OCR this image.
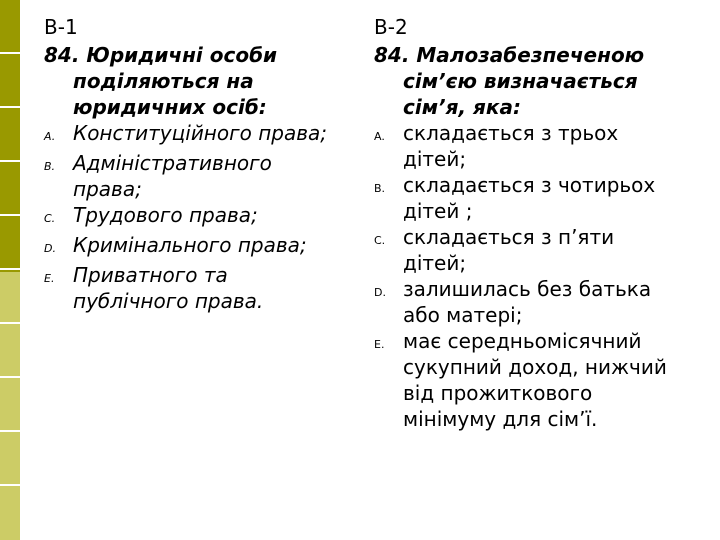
В-1
84. Юридичні особи
поділяються на
юридичних осіб:
A. Конституційного права;
B. Адміністративного права;
C. Трудового права;
D. Кримінального права;
E. Приватного та публічного права.
В-2
84. Малозабезпеченою
сім’єю визначається
сім’я, яка:
A. складається з трьох дітей;
B. складається з чотирьох дітей ;
C. складається з п’яти дітей;
D. залишилась без батька або матері;
E. має середньомісячний сукупний доход, нижчий від прожиткового мінімуму для сім’ї.
